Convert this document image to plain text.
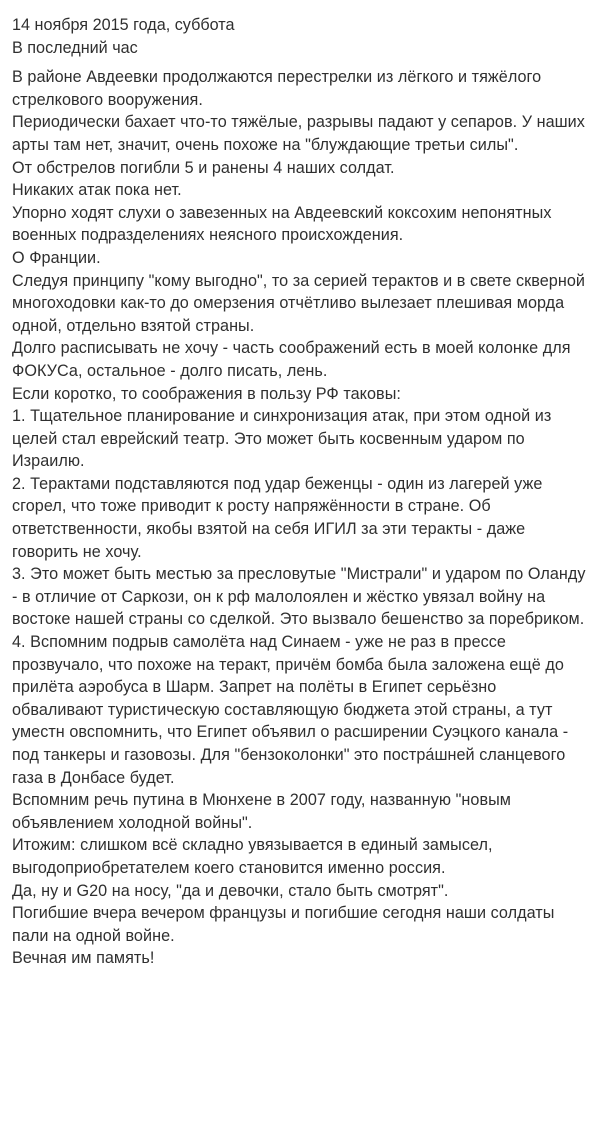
14 ноября 2015 года, суббота
В последний час

В районе Авдеевки продолжаются перестрелки из лёгкого и тяжёлого стрелкового вооружения.

Периодически бахает что-то тяжёлые, разрывы падают у сепаров. У наших арты там нет, значит, очень похоже на "блуждающие третьи силы".

От обстрелов погибли 5 и ранены 4 наших солдат.

Никаких атак пока нет.

Упорно ходят слухи о завезенных на Авдеевский коксохим непонятных военных подразделениях неясного происхождения.

О Франции.

Следуя принципу "кому выгодно", то за серией терактов и в свете скверной многоходовки как-то до омерзения отчётливо вылезает плешивая морда одной, отдельно взятой страны.

Долго расписывать не хочу - часть соображений есть в моей колонке для ФОКУСа, остальное - долго писать, лень.

Если коротко, то соображения в пользу РФ таковы:

1. Тщательное планирование и синхронизация атак, при этом одной из целей стал еврейский театр. Это может быть косвенным ударом по Израилю.

2. Терактами подставляются под удар беженцы - один из лагерей уже сгорел, что тоже приводит к росту напряжённости в стране. Об ответственности, якобы взятой на себя ИГИЛ за эти теракты - даже говорить не хочу.

3. Это может быть местью за пресловутые "Мистрали" и ударом по Оланду - в отличие от Саркози, он к рф малолоялен и жёстко увязал войну на востоке нашей страны со сделкой. Это вызвало бешенство за поребриком.

4. Вспомним подрыв самолёта над Синаем - уже не раз в прессе прозвучало, что похоже на теракт, причём бомба была заложена ещё до прилёта аэробуса в Шарм. Запрет на полёты в Египет серьёзно обваливают туристическую составляющую бюджета этой страны, а тут уместн овспомнить, что Египет объявил о расширении Суэцкого канала - под танкеры и газовозы. Для "бензоколонки" это постра́шней сланцевого газа в Донбасе будет.

Вспомним речь путина в Мюнхене в 2007 году, названную "новым объявлением холодной войны".

Итожим: слишком всё складно увязывается в единый замысел, выгодоприобретателем коего становится именно россия.

Да, ну и G20 на носу, "да и девочки, стало быть смотрят".

Погибшие вчера вечером французы и погибшие сегодня наши солдаты пали на одной войне.

Вечная им память!
